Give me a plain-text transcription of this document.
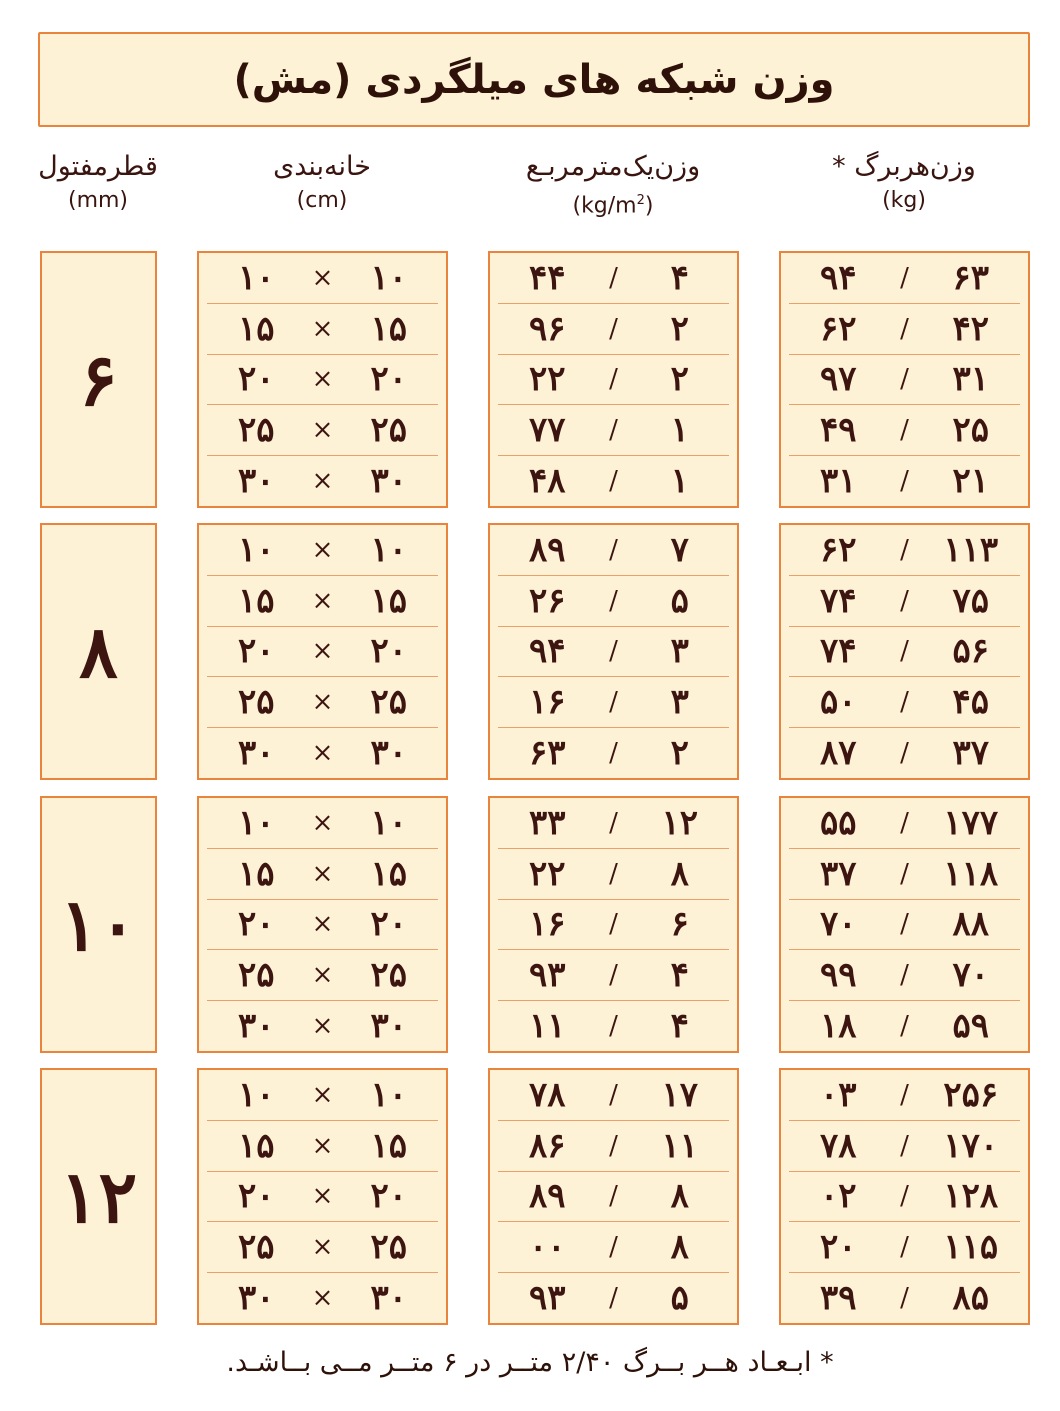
وزن شبکه های میلگردی (مش)
قطرمفتول
(mm)
خانه‌بندی
(cm)
وزن‌یک‌مترمربـع
$(kg/m^2)$
وزن‌هربرگ *
(kg)
۶
۱۰
×
۱۰
۱۵
×
۱۵
۲۰
×
۲۰
۲۵
×
۲۵
۳۰
×
۳۰
۴
/
۴۴
۲
/
۹۶
۲
/
۲۲
۱
/
۷۷
۱
/
۴۸
۶۳
/
۹۴
۴۲
/
۶۲
۳۱
/
۹۷
۲۵
/
۴۹
۲۱
/
۳۱
۸
۱۰
×
۱۰
۱۵
×
۱۵
۲۰
×
۲۰
۲۵
×
۲۵
۳۰
×
۳۰
۷
/
۸۹
۵
/
۲۶
۳
/
۹۴
۳
/
۱۶
۲
/
۶۳
۱۱۳
/
۶۲
۷۵
/
۷۴
۵۶
/
۷۴
۴۵
/
۵۰
۳۷
/
۸۷
۱۰
۱۰
×
۱۰
۱۵
×
۱۵
۲۰
×
۲۰
۲۵
×
۲۵
۳۰
×
۳۰
۱۲
/
۳۳
۸
/
۲۲
۶
/
۱۶
۴
/
۹۳
۴
/
۱۱
۱۷۷
/
۵۵
۱۱۸
/
۳۷
۸۸
/
۷۰
۷۰
/
۹۹
۵۹
/
۱۸
۱۲
۱۰
×
۱۰
۱۵
×
۱۵
۲۰
×
۲۰
۲۵
×
۲۵
۳۰
×
۳۰
۱۷
/
۷۸
۱۱
/
۸۶
۸
/
۸۹
۸
/
۰۰
۵
/
۹۳
۲۵۶
/
۰۳
۱۷۰
/
۷۸
۱۲۸
/
۰۲
۱۱۵
/
۲۰
۸۵
/
۳۹
* ابـعـاد هــر بــرگ ۲/۴۰ متــر در ۶ متــر مــی بــاشـد.
